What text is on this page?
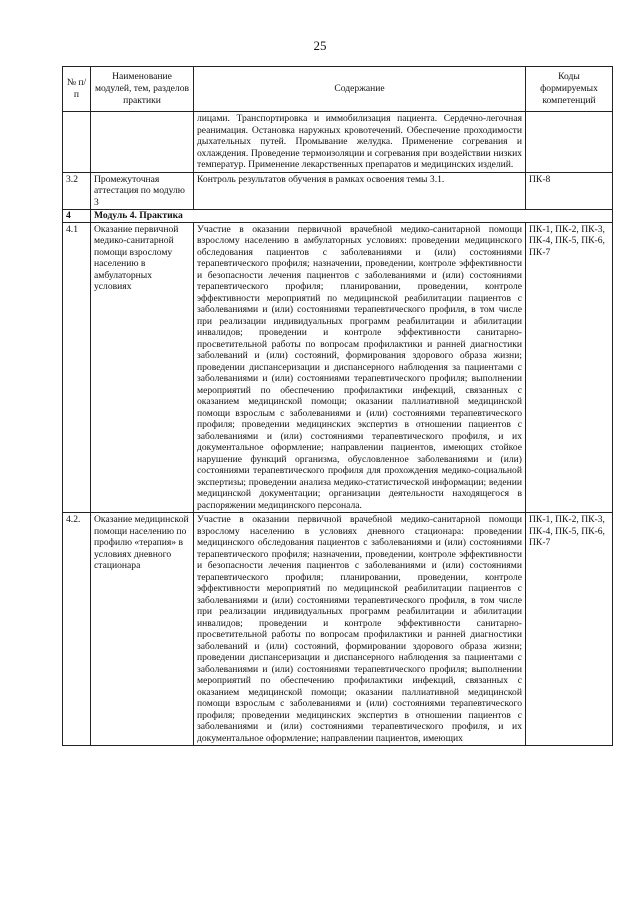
25
№ п/п	Наименование модулей, тем, разделов практики	Содержание	Коды формируемых компетенций
		лицами. Транспортировка и иммобилизация пациента. Сердечно-легочная реанимация. Остановка наружных кровотечений. Обеспечение проходимости дыхательных путей. Промывание желудка. Применение согревания и охлаждения. Проведение термоизоляции и согревания при воздействии низких температур. Применение лекарственных препаратов и медицинских изделий.	
3.2	Промежуточная аттестация по модулю 3	Контроль результатов обучения в рамках освоения темы 3.1.	ПК-8
4	Модуль 4. Практика		
4.1	Оказание первичной медико-санитарной помощи взрослому населению в амбулаторных условиях	Участие в оказании первичной врачебной медико-санитарной помощи взрослому населению в амбулаторных условиях: проведении медицинского обследования пациентов с заболеваниями и (или) состояниями терапевтического профиля; назначении, проведении, контроле эффективности и безопасности лечения пациентов с заболеваниями и (или) состояниями терапевтического профиля; планировании, проведении, контроле эффективности мероприятий по медицинской реабилитации пациентов с заболеваниями и (или) состояниями терапевтического профиля, в том числе при реализации индивидуальных программ реабилитации и абилитации инвалидов; проведении и контроле эффективности санитарно-просветительной работы по вопросам профилактики и ранней диагностики заболеваний и (или) состояний, формирования здорового образа жизни; проведении диспансеризации и диспансерного наблюдения за пациентами с заболеваниями и (или) состояниями терапевтического профиля; выполнении мероприятий по обеспечению профилактики инфекций, связанных с оказанием медицинской помощи; оказании паллиативной медицинской помощи взрослым с заболеваниями и (или) состояниями терапевтического профиля; проведении медицинских экспертиз в отношении пациентов с заболеваниями и (или) состояниями терапевтического профиля, и их документальное оформление; направлении пациентов, имеющих стойкое нарушение функций организма, обусловленное заболеваниями и (или) состояниями терапевтического профиля для прохождения медико-социальной экспертизы; проведении анализа медико-статистической информации; ведении медицинской документации; организации деятельности находящегося в распоряжении медицинского персонала.	ПК-1, ПК-2, ПК-3, ПК-4, ПК-5, ПК-6, ПК-7
4.2.	Оказание медицинской помощи населению по профилю «терапия» в условиях дневного стационара	Участие в оказании первичной врачебной медико-санитарной помощи взрослому населению в условиях дневного стационара: проведении медицинского обследования пациентов с заболеваниями и (или) состояниями терапевтического профиля; назначении, проведении, контроле эффективности и безопасности лечения пациентов с заболеваниями и (или) состояниями терапевтического профиля; планировании, проведении, контроле эффективности мероприятий по медицинской реабилитации пациентов с заболеваниями и (или) состояниями терапевтического профиля, в том числе при реализации индивидуальных программ реабилитации и абилитации инвалидов; проведении и контроле эффективности санитарно-просветительной работы по вопросам профилактики и ранней диагностики заболеваний и (или) состояний, формировании здорового образа жизни; проведении диспансеризации и диспансерного наблюдения за пациентами с заболеваниями и (или) состояниями терапевтического профиля; выполнении мероприятий по обеспечению профилактики инфекций, связанных с оказанием медицинской помощи; оказании паллиативной медицинской помощи взрослым с заболеваниями и (или) состояниями терапевтического профиля; проведении медицинских экспертиз в отношении пациентов с заболеваниями и (или) состояниями терапевтического профиля, и их документальное оформление; направлении пациентов, имеющих	ПК-1, ПК-2, ПК-3, ПК-4, ПК-5, ПК-6, ПК-7
